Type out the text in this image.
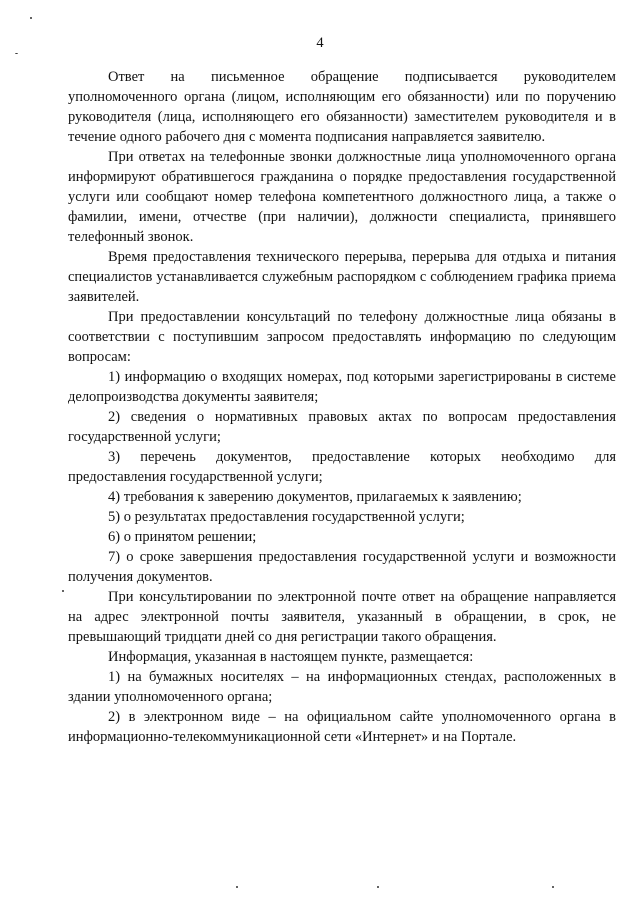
4

Ответ на письменное обращение подписывается руководителем уполномоченного органа (лицом, исполняющим его обязанности) или по поручению руководителя (лица, исполняющего его обязанности) заместителем руководителя и в течение одного рабочего дня с момента подписания направляется заявителю.

При ответах на телефонные звонки должностные лица уполномоченного органа информируют обратившегося гражданина о порядке предоставления государственной услуги или сообщают номер телефона компетентного должностного лица, а также о фамилии, имени, отчестве (при наличии), должности специалиста, принявшего телефонный звонок.

Время предоставления технического перерыва, перерыва для отдыха и питания специалистов устанавливается служебным распорядком с соблюдением графика приема заявителей.

При предоставлении консультаций по телефону должностные лица обязаны в соответствии с поступившим запросом предоставлять информацию по следующим вопросам:

1) информацию о входящих номерах, под которыми зарегистрированы в системе делопроизводства документы заявителя;

2) сведения о нормативных правовых актах по вопросам предоставления государственной услуги;

3) перечень документов, предоставление которых необходимо для предоставления государственной услуги;

4) требования к заверению документов, прилагаемых к заявлению;

5) о результатах предоставления государственной услуги;

6) о принятом решении;

7) о сроке завершения предоставления государственной услуги и возможности получения документов.

При консультировании по электронной почте ответ на обращение направляется на адрес электронной почты заявителя, указанный в обращении, в срок, не превышающий тридцати дней со дня регистрации такого обращения.

Информация, указанная в настоящем пункте, размещается:

1) на бумажных носителях – на информационных стендах, расположенных в здании уполномоченного органа;

2) в электронном виде – на официальном сайте уполномоченного органа в информационно-телекоммуникационной сети «Интернет» и на Портале.
